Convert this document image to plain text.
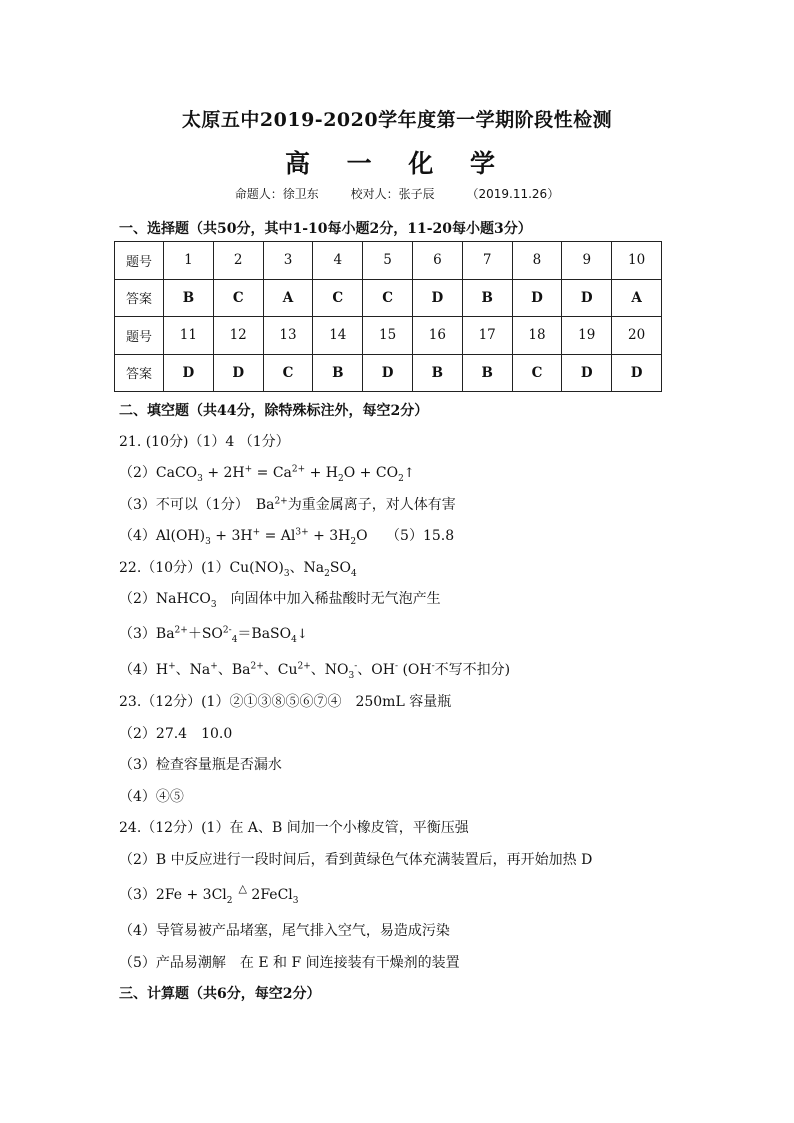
太原五中2019-2020学年度第一学期阶段性检测
高 一 化 学
命题人：徐卫东	校对人：张子辰	（2019.11.26）
一、选择题（共50分，其中1-10每小题2分，11-20每小题3分）
题号	1	2	3	4	5	6	7	8	9	10
答案	B	C	A	C	C	D	B	D	D	A
题号	11	12	13	14	15	16	17	18	19	20
答案	D	D	C	B	D	B	B	C	D	D
二、填空题（共44分，除特殊标注外，每空2分）
21. (10分)（1）4 （1分）
（2）CaCO$_3$ + $2H^+ = Ca^{2+} + H_2O$ + $CO_2↑$
（3）不可以（1分）　$Ba^{2+}$为重金属离子，对人体有害
$(4)Al(OH)_3 + 3H^+ = Al^{3+} + 3H_2O$　 （5）15.8
22.（10分）$(1)Cu(NO)_3$、$Na_2SO_4$
（2）NaHCO$_3$　向固体中加入稀盐酸时无气泡产生
$(3)Ba^{2+}+SO^{2-}_4=BaSO_4↓$
（4）H+、Na+、$Ba^{2+}$、$Cu^{2+}$、$NO_3^-$、OH- (OH-不写不扣分)
23.（12分）(1）②①③⑧⑤⑥⑦④　250mL 容量瓶
（2）27.4　10.0
（3）检查容量瓶是否漏水
（4）④⑤
24.（12分）(1）在 A、B 间加一个小橡皮管，平衡压强
（2）B 中反应进行一段时间后，看到黄绿色气体充满装置后，再开始加热 D
$(3)2Fe + 3Cl_2^\triangle$ 2FeCl$_3$
（4）导管易被产品堵塞，尾气排入空气，易造成污染
（5）产品易潮解　在 E 和 F 间连接装有干燥剂的装置
三、计算题（共6分，每空2分）
